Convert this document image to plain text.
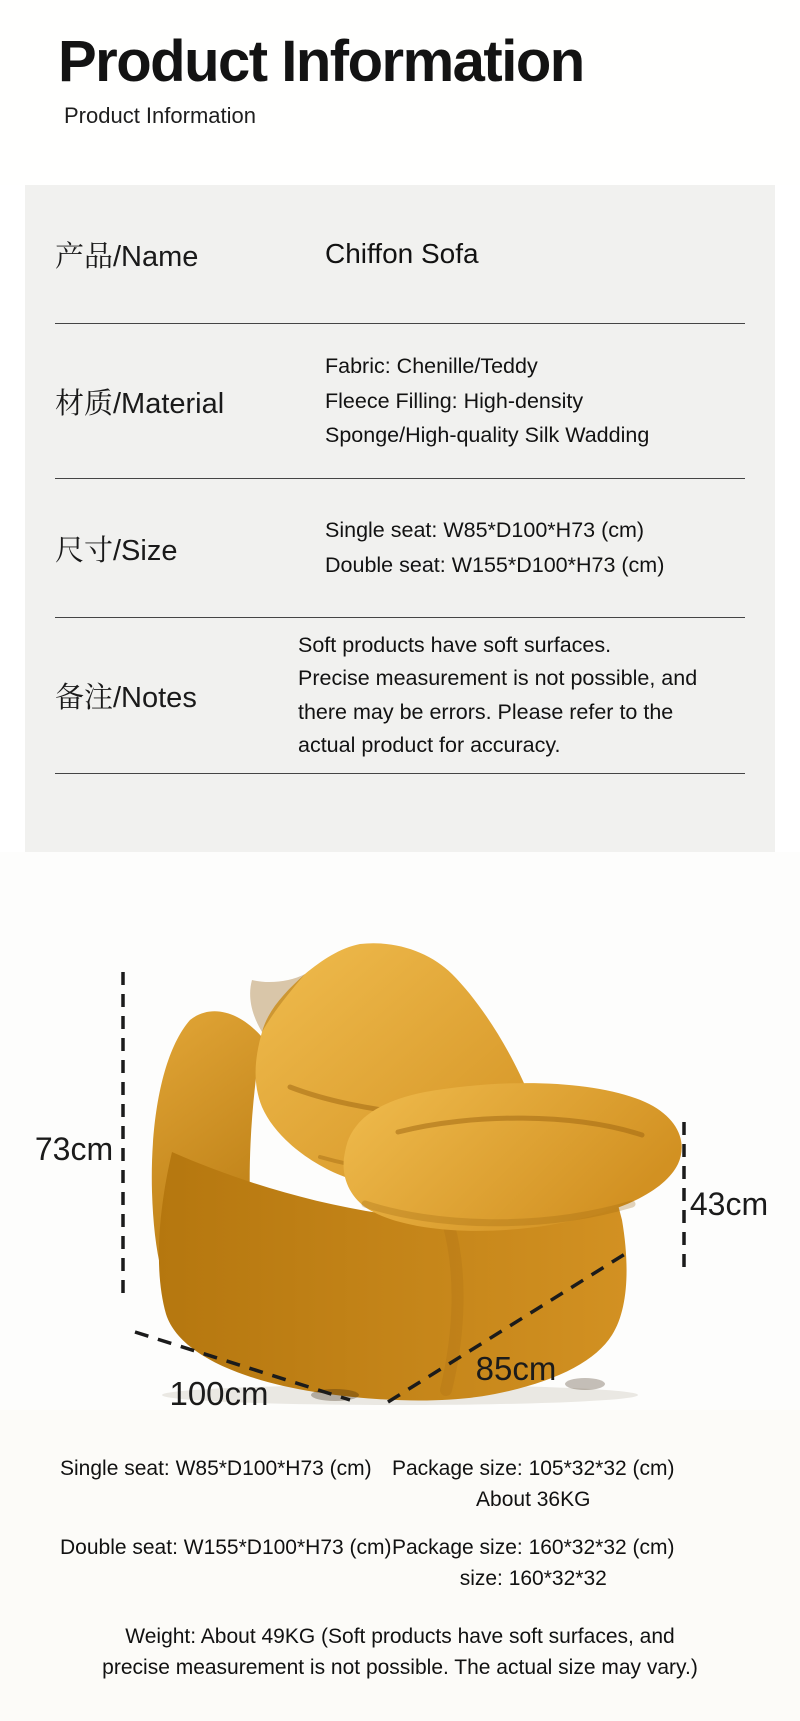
Product Information
Product Information
产品/Name	Chiffon Sofa
材质/Material
Fabric: Chenille/Teddy
Fleece Filling: High-density
Sponge/High-quality Silk Wadding
尺寸/Size
Single seat: W85*D100*H73 (cm)
Double seat: W155*D100*H73 (cm)
备注/Notes
Soft products have soft surfaces.
Precise measurement is not possible, and
there may be errors. Please refer to the
actual product for accuracy.
73cm
43cm
100cm
85cm
Single seat: W85*D100*H73 (cm) Package size: 105*32*32 (cm)
About 36KG
Double seat: W155*D100*H73 (cm) Package size: 160*32*32 (cm)
size: 160*32*32
Weight: About 49KG (Soft products have soft surfaces, and
precise measurement is not possible. The actual size may vary.)
